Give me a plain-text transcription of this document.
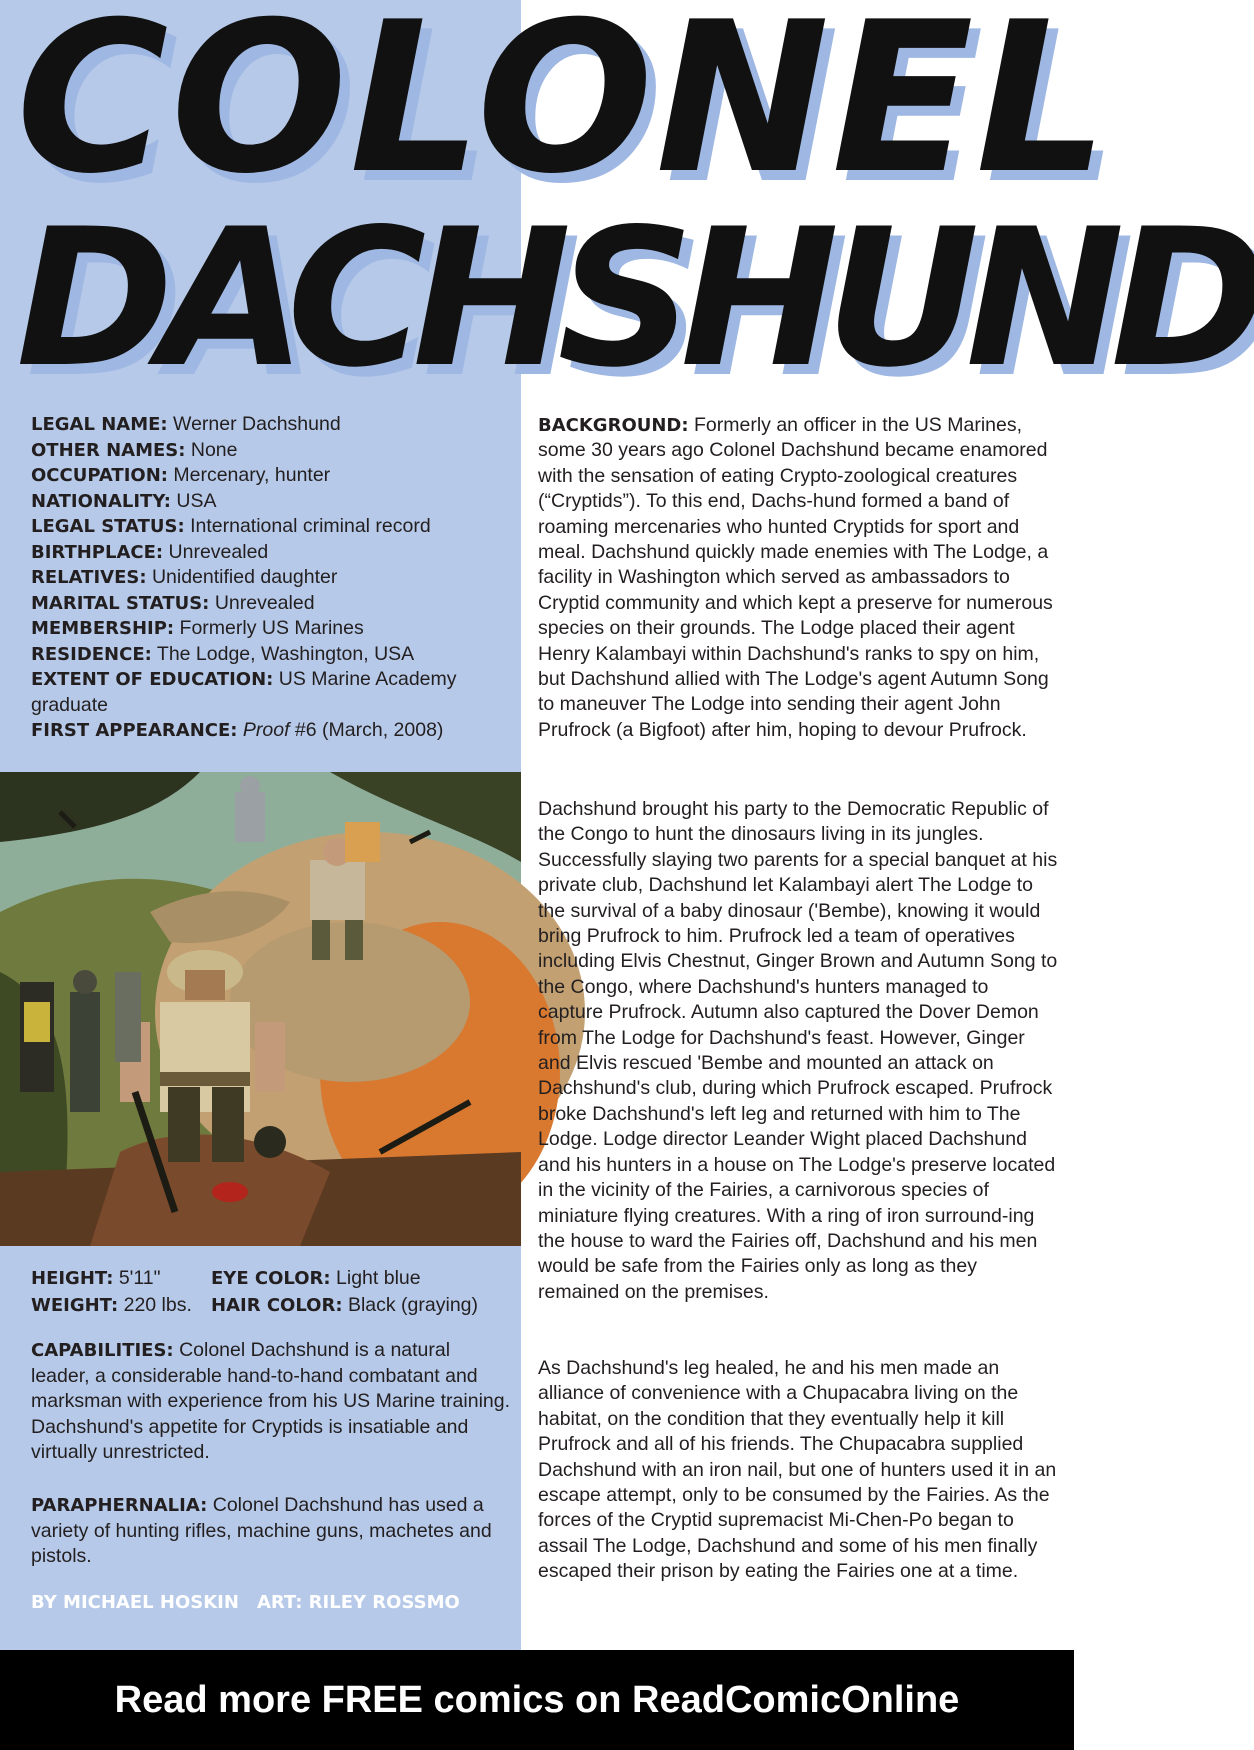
COLONEL
DACHSHUND

LEGAL NAME: Werner Dachshund

OTHER NAMES: None

OCCUPATION: Mercenary, hunter

NATIONALITY: USA

LEGAL STATUS: International criminal record

BIRTHPLACE: Unrevealed

RELATIVES: Unidentified daughter

MARITAL STATUS: Unrevealed

MEMBERSHIP: Formerly US Marines

RESIDENCE: The Lodge, Washington, USA

EXTENT OF EDUCATION: US Marine Academy graduate

FIRST APPEARANCE: Proof #6 (March, 2008)

HEIGHT: 5'11"	EYE COLOR: Light blue
WEIGHT: 220 lbs.	HAIR COLOR: Black (graying)

CAPABILITIES: Colonel Dachshund is a natural leader, a considerable hand-to-hand combatant and marksman with experience from his US Marine training. Dachshund's appetite for Cryptids is insatiable and virtually unrestricted.

PARAPHERNALIA: Colonel Dachshund has used a variety of hunting rifles, machine guns, machetes and pistols.

BY MICHAEL HOSKIN ART: RILEY ROSSMO

BACKGROUND: Formerly an officer in the US Marines, some 30 years ago Colonel Dachshund became enamored with the sensation of eating Crypto-zoological creatures (“Cryptids”). To this end, Dachs-hund formed a band of roaming mercenaries who hunted Cryptids for sport and meal. Dachshund quickly made enemies with The Lodge, a facility in Washington which served as ambassadors to Cryptid community and which kept a preserve for numerous species on their grounds. The Lodge placed their agent Henry Kalambayi within Dachshund's ranks to spy on him, but Dachshund allied with The Lodge's agent Autumn Song to maneuver The Lodge into sending their agent John Prufrock (a Bigfoot) after him, hoping to devour Prufrock.

Dachshund brought his party to the Democratic Republic of the Congo to hunt the dinosaurs living in its jungles. Successfully slaying two parents for a special banquet at his private club, Dachshund let Kalambayi alert The Lodge to the survival of a baby dinosaur ('Bembe), knowing it would bring Prufrock to him. Prufrock led a team of operatives including Elvis Chestnut, Ginger Brown and Autumn Song to the Congo, where Dachshund's hunters managed to capture Prufrock. Autumn also captured the Dover Demon from The Lodge for Dachshund's feast. However, Ginger and Elvis rescued 'Bembe and mounted an attack on Dachshund's club, during which Prufrock escaped. Prufrock broke Dachshund's left leg and returned with him to The Lodge. Lodge director Leander Wight placed Dachshund and his hunters in a house on The Lodge's preserve located in the vicinity of the Fairies, a carnivorous species of miniature flying creatures. With a ring of iron surround-ing the house to ward the Fairies off, Dachshund and his men would be safe from the Fairies only as long as they remained on the premises.

As Dachshund's leg healed, he and his men made an alliance of convenience with a Chupacabra living on the habitat, on the condition that they eventually help it kill Prufrock and all of his friends. The Chupacabra supplied Dachshund with an iron nail, but one of hunters used it in an escape attempt, only to be consumed by the Fairies. As the forces of the Cryptid supremacist Mi-Chen-Po began to assail The Lodge, Dachshund and some of his men finally escaped their prison by eating the Fairies one at a time.

Read more FREE comics on ReadComicOnline
